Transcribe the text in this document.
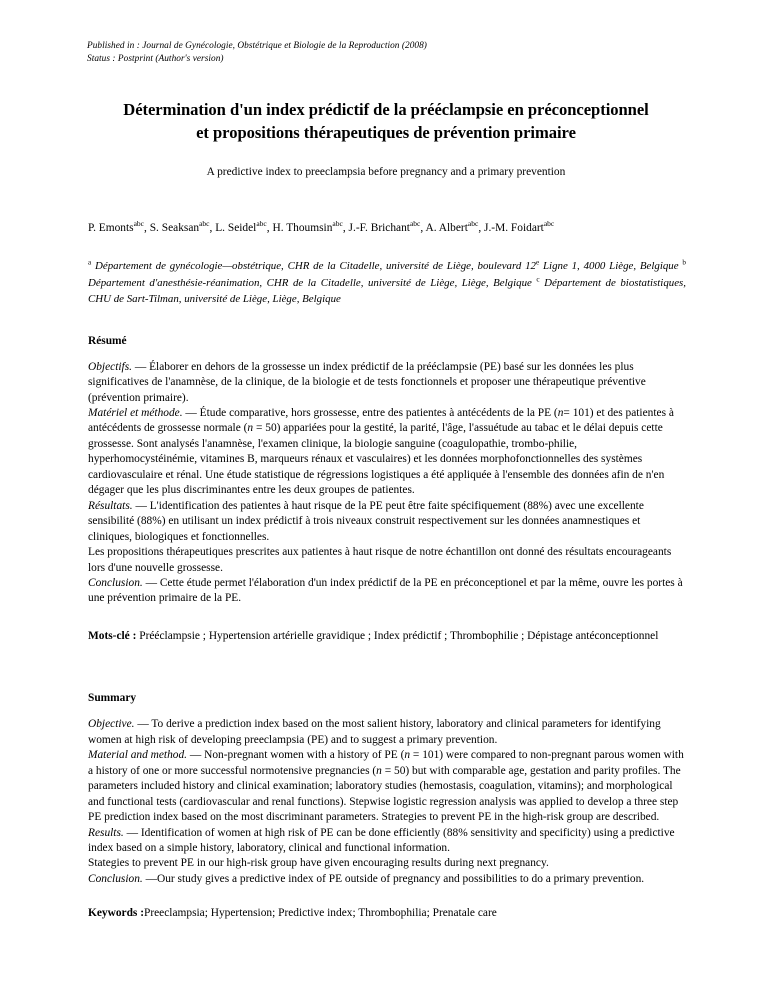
Published in : Journal de Gynécologie, Obstétrique et Biologie de la Reproduction (2008)
Status : Postprint (Author's version)
Détermination d'un index prédictif de la prééclampsie en préconceptionnel
et propositions thérapeutiques de prévention primaire
A predictive index to preeclampsia before pregnancy and a primary prevention
P. Emonts$^{abc}$, S. Seaksan$^{abc}$, L. Seidel$^{abc}$, H. Thoumsin$^{abc}$, J.-F. Brichant$^{abc}$, A. Albert$^{abc}$, J.-M. Foidart$^{abc}$
$^a$ Département de gynécologie—obstétrique, CHR de la Citadelle, université de Liège, boulevard 12e Ligne 1, 4000 Liège, Belgique $^b$ Département d'anesthésie-réanimation, CHR de la Citadelle, université de Liège, Liège, Belgique $^c$ Département de biostatistiques, CHU de Sart-Tilman, université de Liège, Liège, Belgique
Résumé

Objectifs. — Élaborer en dehors de la grossesse un index prédictif de la prééclampsie (PE) basé sur les données les plus significatives de l'anamnèse, de la clinique, de la biologie et de tests fonctionnels et proposer une thérapeutique préventive (prévention primaire).

Matériel et méthode. — Étude comparative, hors grossesse, entre des patientes à antécédents de la PE (n= 101) et des patientes à antécédents de grossesse normale (n = 50) appariées pour la gestité, la parité, l'âge, l'assuétude au tabac et le délai depuis cette grossesse. Sont analysés l'anamnèse, l'examen clinique, la biologie sanguine (coagulopathie, trombo-philie, hyperhomocystéinémie, vitamines B, marqueurs rénaux et vasculaires) et les données morphofonctionnelles des systèmes cardiovasculaire et rénal. Une étude statistique de régressions logistiques a été appliquée à l'ensemble des données afin de n'en dégager que les plus discriminantes entre les deux groupes de patientes.

Résultats. — L'identification des patientes à haut risque de la PE peut être faite spécifiquement (88%) avec une excellente sensibilité (88%) en utilisant un index prédictif à trois niveaux construit respectivement sur les données anamnestiques et cliniques, biologiques et fonctionnelles.

Les propositions thérapeutiques prescrites aux patientes à haut risque de notre échantillon ont donné des résultats encourageants lors d'une nouvelle grossesse.

Conclusion. — Cette étude permet l'élaboration d'un index prédictif de la PE en préconceptionel et par la même, ouvre les portes à une prévention primaire de la PE.

Mots-clé : Prééclampsie ; Hypertension artérielle gravidique ; Index prédictif ; Thrombophilie ; Dépistage antéconceptionnel
Summary

Objective. — To derive a prediction index based on the most salient history, laboratory and clinical parameters for identifying women at high risk of developing preeclampsia (PE) and to suggest a primary prevention.

Material and method. — Non-pregnant women with a history of PE (n = 101) were compared to non-pregnant parous women with a history of one or more successful normotensive pregnancies (n = 50) but with comparable age, gestation and parity profiles. The parameters included history and clinical examination; laboratory studies (hemostasis, coagulation, vitamins); and morphological and functional tests (cardiovascular and renal functions). Stepwise logistic regression analysis was applied to develop a three step PE prediction index based on the most discriminant parameters. Strategies to prevent PE in the high-risk group are described.

Results. — Identification of women at high risk of PE can be done efficiently (88% sensitivity and specificity) using a predictive index based on a simple history, laboratory, clinical and functional information.

Stategies to prevent PE in our high-risk group have given encouraging results during next pregnancy.

Conclusion. —Our study gives a predictive index of PE outside of pregnancy and possibilities to do a primary prevention.

Keywords :Preeclampsia; Hypertension; Predictive index; Thrombophilia; Prenatale care
